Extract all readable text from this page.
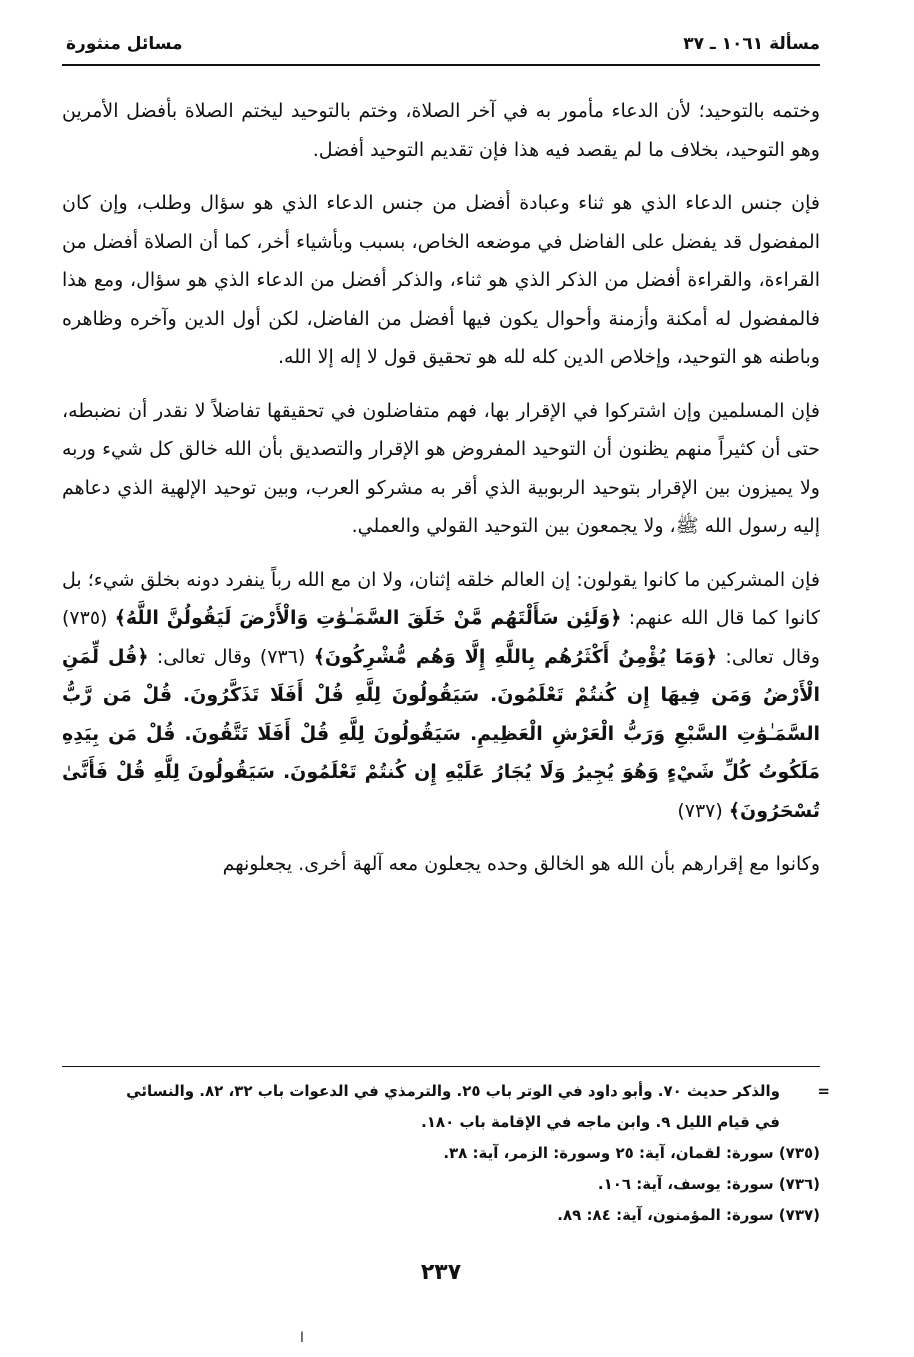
مسألة ١٠٦١ ـ ٣٧
مسائل منثورة

وختمه بالتوحيد؛ لأن الدعاء مأمور به في آخر الصلاة، وختم بالتوحيد ليختم الصلاة بأفضل الأمرين وهو التوحيد، بخلاف ما لم يقصد فيه هذا فإن تقديم التوحيد أفضل.

فإن جنس الدعاء الذي هو ثناء وعبادة أفضل من جنس الدعاء الذي هو سؤال وطلب، وإن كان المفضول قد يفضل على الفاضل في موضعه الخاص، بسبب وبأشياء أخر، كما أن الصلاة أفضل من القراءة، والقراءة أفضل من الذكر الذي هو ثناء، والذكر أفضل من الدعاء الذي هو سؤال، ومع هذا فالمفضول له أمكنة وأزمنة وأحوال يكون فيها أفضل من الفاضل، لكن أول الدين وآخره وظاهره وباطنه هو التوحيد، وإخلاص الدين كله لله هو تحقيق قول لا إله إلا الله.

فإن المسلمين وإن اشتركوا في الإقرار بها، فهم متفاضلون في تحقيقها تفاضلاً لا نقدر أن نضبطه، حتى أن كثيراً منهم يظنون أن التوحيد المفروض هو الإقرار والتصديق بأن الله خالق كل شيء وربه ولا يميزون بين الإقرار بتوحيد الربوبية الذي أقر به مشركو العرب، وبين توحيد الإلهية الذي دعاهم إليه رسول الله ﷺ، ولا يجمعون بين التوحيد القولي والعملي.

فإن المشركين ما كانوا يقولون: إن العالم خلقه إثنان، ولا ان مع الله رباً ينفرد دونه بخلق شيء؛ بل كانوا كما قال الله عنهم: ﴿وَلَئِن سَأَلْتَهُم مَّنْ خَلَقَ السَّمَـٰوَٰتِ وَالْأَرْضَ لَيَقُولُنَّ اللَّهُ﴾ (٧٣٥) وقال تعالى: ﴿وَمَا يُؤْمِنُ أَكْثَرُهُم بِاللَّهِ إِلَّا وَهُم مُّشْرِكُونَ﴾ (٧٣٦) وقال تعالى: ﴿قُل لِّمَنِ الْأَرْضُ وَمَن فِيهَا إِن كُنتُمْ تَعْلَمُونَ. سَيَقُولُونَ لِلَّهِ قُلْ أَفَلَا تَذَكَّرُونَ. قُلْ مَن رَّبُّ السَّمَـٰوَٰتِ السَّبْعِ وَرَبُّ الْعَرْشِ الْعَظِيمِ. سَيَقُولُونَ لِلَّهِ قُلْ أَفَلَا تَتَّقُونَ. قُلْ مَن بِيَدِهِ مَلَكُوتُ كُلِّ شَيْءٍ وَهُوَ يُجِيرُ وَلَا يُجَارُ عَلَيْهِ إِن كُنتُمْ تَعْلَمُونَ. سَيَقُولُونَ لِلَّهِ قُلْ فَأَنَّىٰ تُسْحَرُونَ﴾ (٧٣٧)

وكانوا مع إقرارهم بأن الله هو الخالق وحده يجعلون معه آلهة أخرى. يجعلونهم

=
والذكر حديث ٧٠. وأبو داود في الوتر باب ٢٥. والترمذي في الدعوات باب ٣٢، ٨٢. والنسائي
في قيام الليل ٩. وابن ماجه في الإقامة باب ١٨٠.
(٧٣٥) سورة: لقمان، آية: ٢٥ وسورة: الزمر، آية: ٣٨.
(٧٣٦) سورة: يوسف، آية: ١٠٦.
(٧٣٧) سورة: المؤمنون، آية: ٨٤: ٨٩.
٢٣٧
ا
